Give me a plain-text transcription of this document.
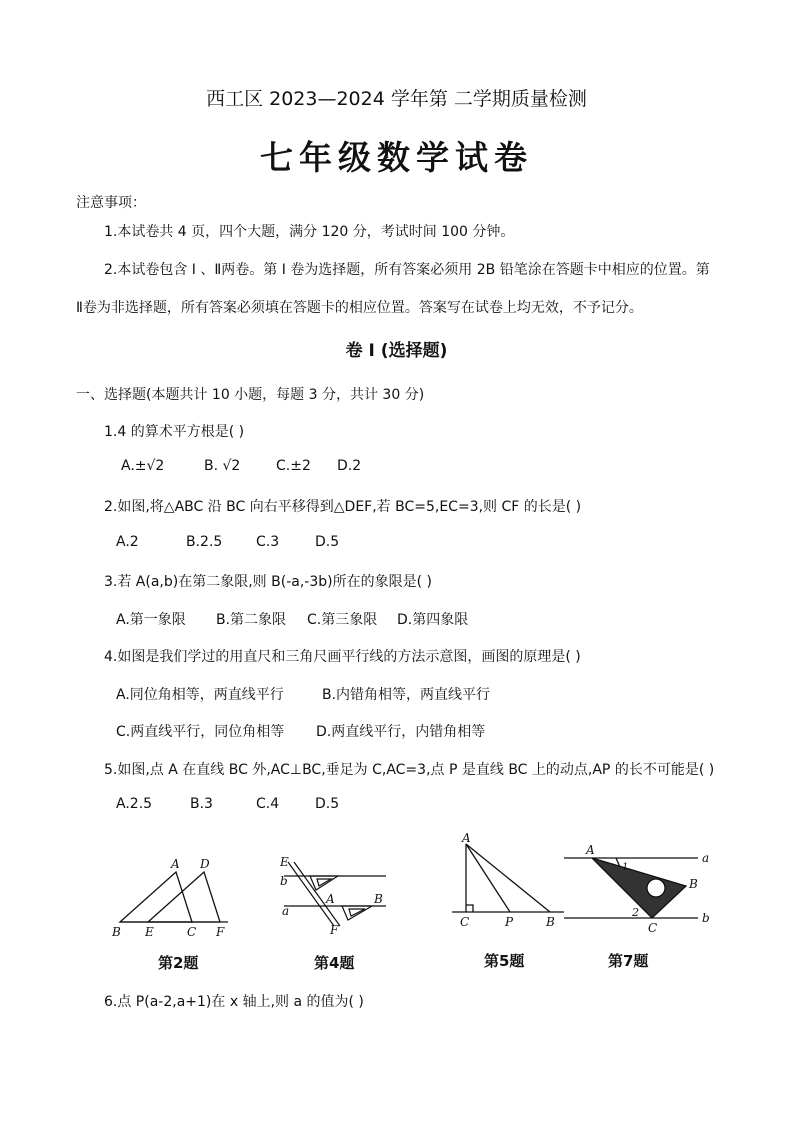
西工区 2023—2024 学年第 二学期质量检测
七年级数学试卷
注意事项：
1.本试卷共 4 页，四个大题，满分 120 分，考试时间 100 分钟。
2.本试卷包含 Ⅰ 、Ⅱ两卷。第 Ⅰ 卷为选择题，所有答案必须用 2B 铅笔涂在答题卡中相应的位置。第
Ⅱ卷为非选择题，所有答案必须填在答题卡的相应位置。答案写在试卷上均无效，不予记分。
卷 Ⅰ (选择题)
一、选择题(本题共计 10 小题，每题 3 分，共计 30 分)
1.4 的算术平方根是( )
A.±√2	B. √2	C.±2 D.2
2.如图,将△ABC 沿 BC 向右平移得到△DEF,若 BC=5,EC=3,则 CF 的长是( )
A.2	B.2.5 C.3	D.5
3.若 A(a,b)在第二象限,则 B(-a,-3b)所在的象限是( )
A.第一象限 B.第二象限 C.第三象限 D.第四象限
4.如图是我们学过的用直尺和三角尺画平行线的方法示意图，画图的原理是( )
A.同位角相等，两直线平行	B.内错角相等，两直线平行
C.两直线平行，同位角相等 D.两直线平行，内错角相等
5.如图,点 A 在直线 BC 外,AC⊥BC,垂足为 C,AC=3,点 P 是直线 BC 上的动点,AP 的长不可能是( )
A.2.5	B.3	C.4	D.5
A D
B E	C F
第2题
E
b
a
A	B
F
第4题
A
C	P	B
第5题
A
1
a
B
2
C
b
第7题
6.点 P(a-2,a+1)在 x 轴上,则 a 的值为( )
